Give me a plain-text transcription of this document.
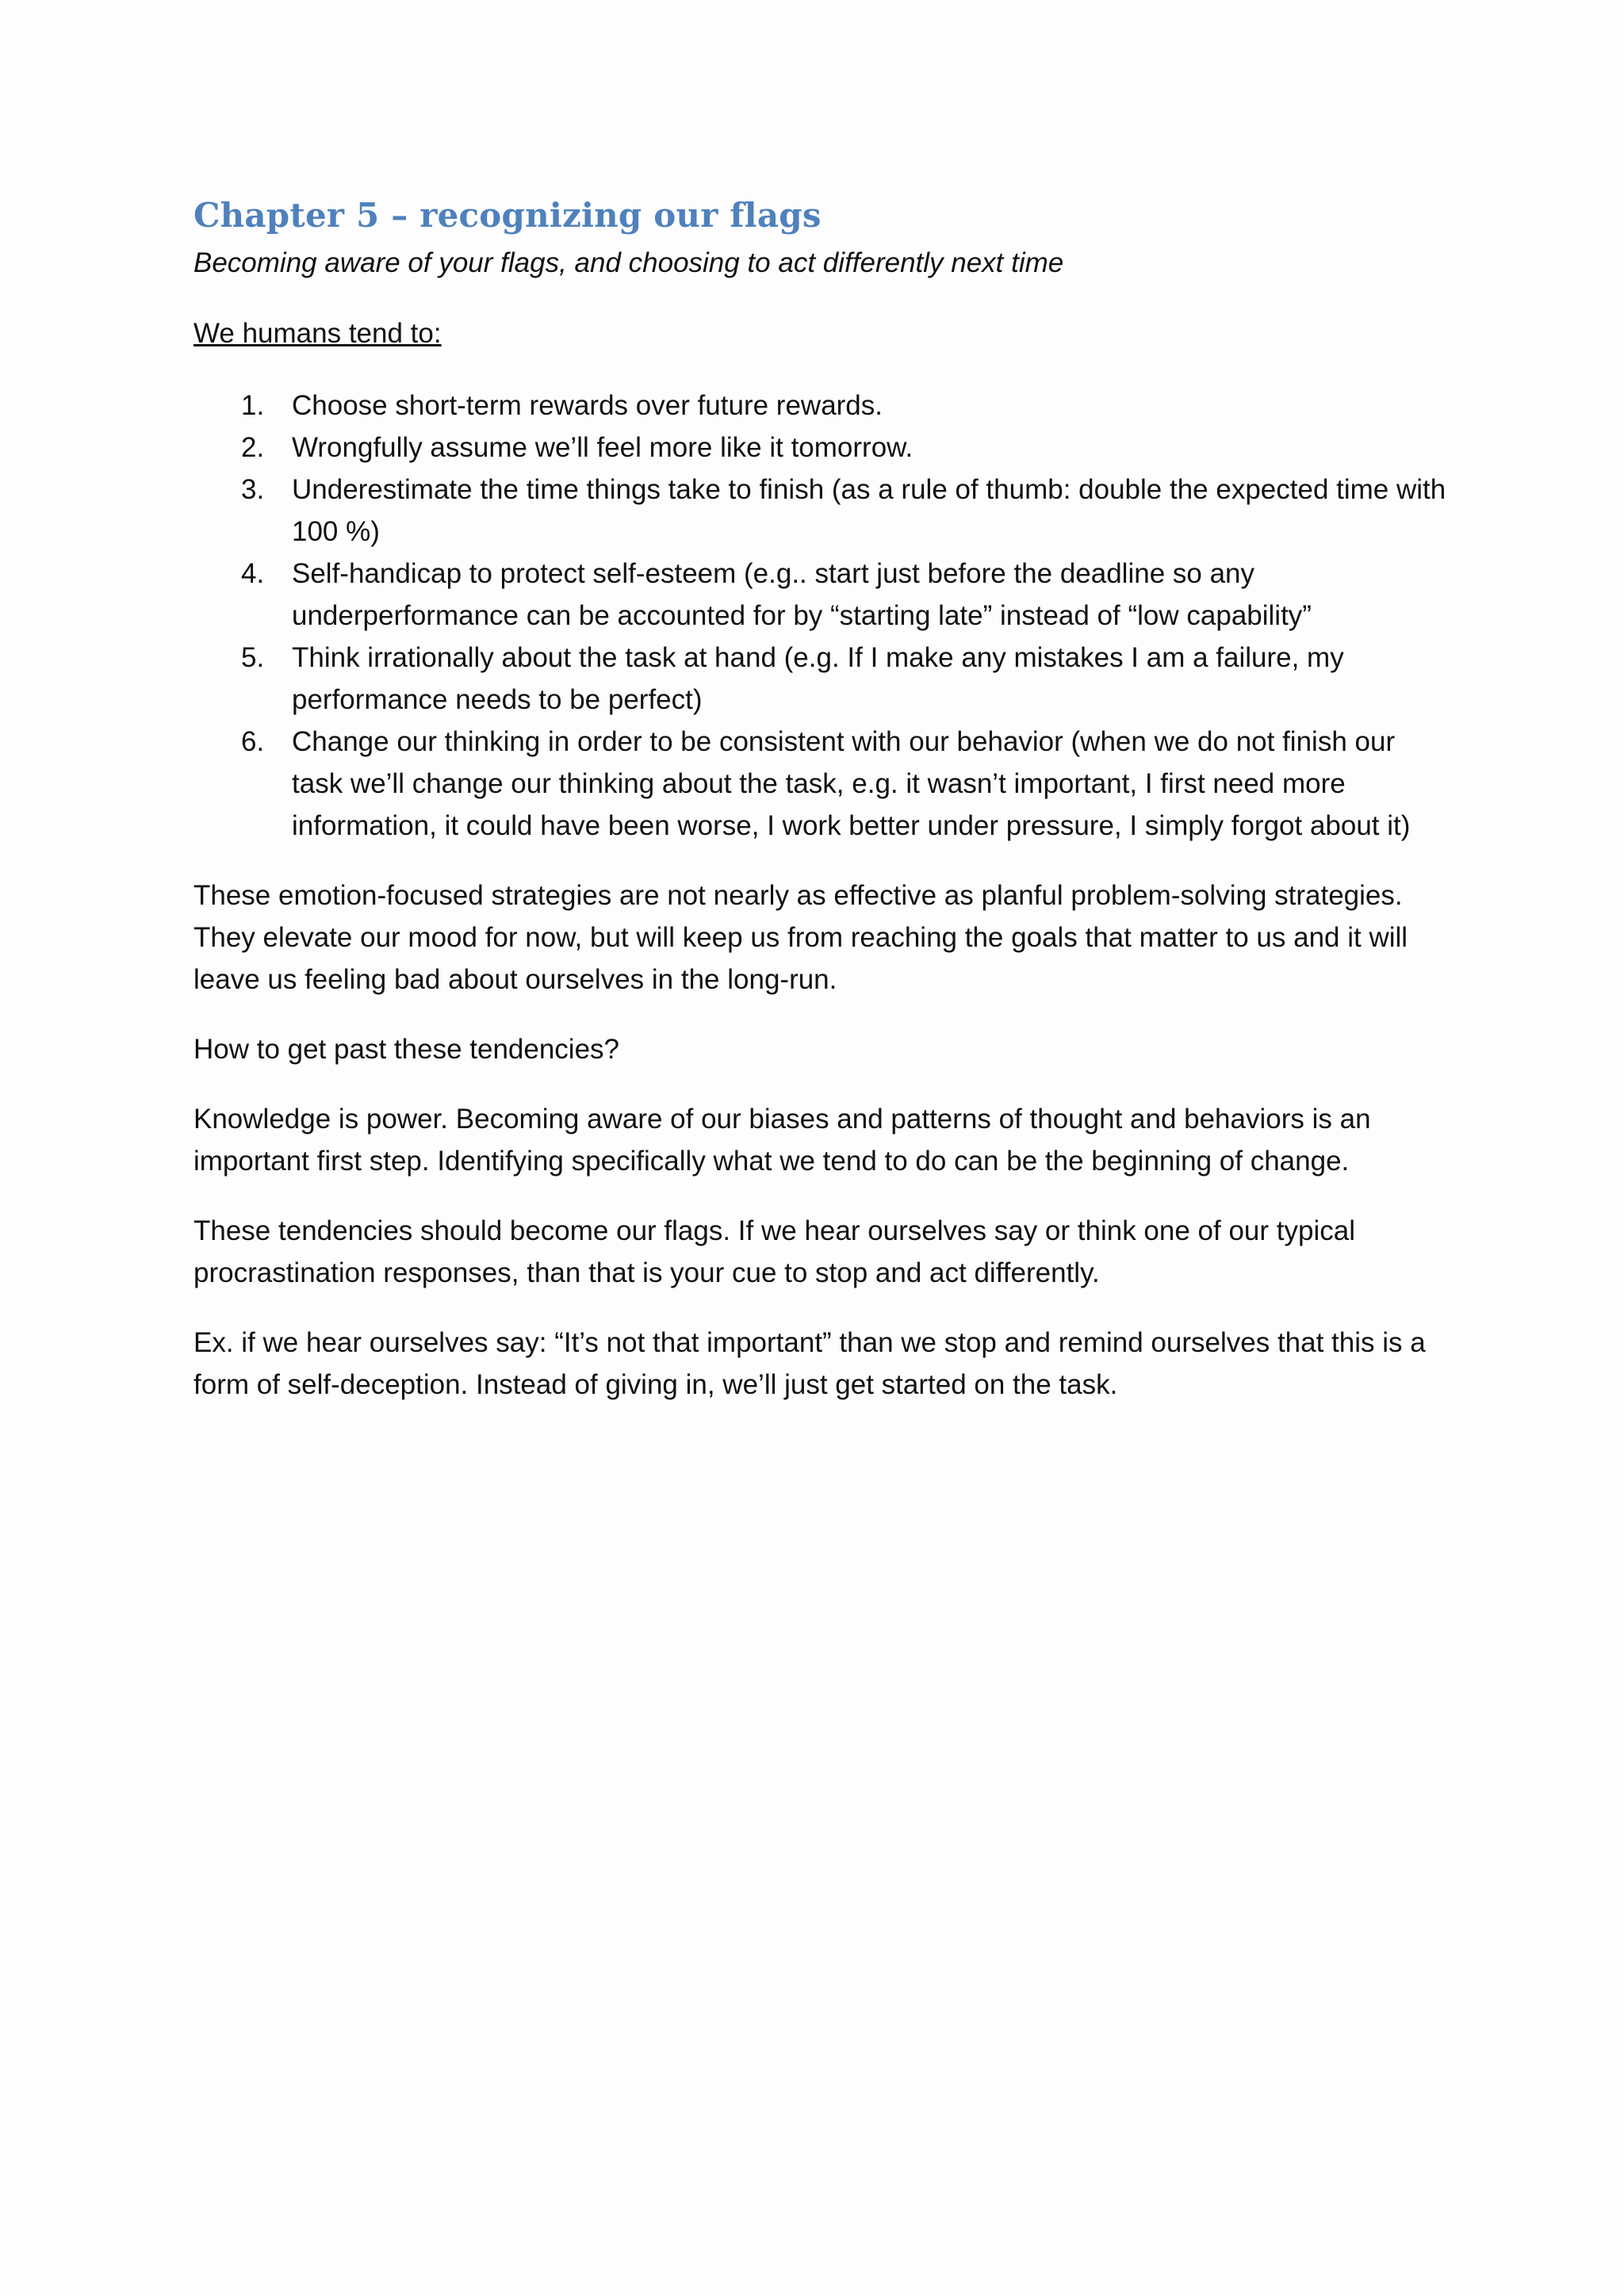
Chapter 5 – recognizing our flags

Becoming aware of your flags, and choosing to act differently next time

We humans tend to:

1. Choose short-term rewards over future rewards.
2. Wrongfully assume we’ll feel more like it tomorrow.
3. Underestimate the time things take to finish (as a rule of thumb: double the expected time with 100 %)
4. Self-handicap to protect self-esteem (e.g.. start just before the deadline so any underperformance can be accounted for by “starting late” instead of “low capability”
5. Think irrationally about the task at hand (e.g. If I make any mistakes I am a failure, my performance needs to be perfect)
6. Change our thinking in order to be consistent with our behavior (when we do not finish our task we’ll change our thinking about the task, e.g. it wasn’t important, I first need more information, it could have been worse, I work better under pressure, I simply forgot about it)

These emotion-focused strategies are not nearly as effective as planful problem-solving strategies. They elevate our mood for now, but will keep us from reaching the goals that matter to us and it will leave us feeling bad about ourselves in the long-run.

How to get past these tendencies?

Knowledge is power. Becoming aware of our biases and patterns of thought and behaviors is an important first step. Identifying specifically what we tend to do can be the beginning of change.

These tendencies should become our flags. If we hear ourselves say or think one of our typical procrastination responses, than that is your cue to stop and act differently.

Ex. if we hear ourselves say: “It’s not that important” than we stop and remind ourselves that this is a form of self-deception. Instead of giving in, we’ll just get started on the task.
